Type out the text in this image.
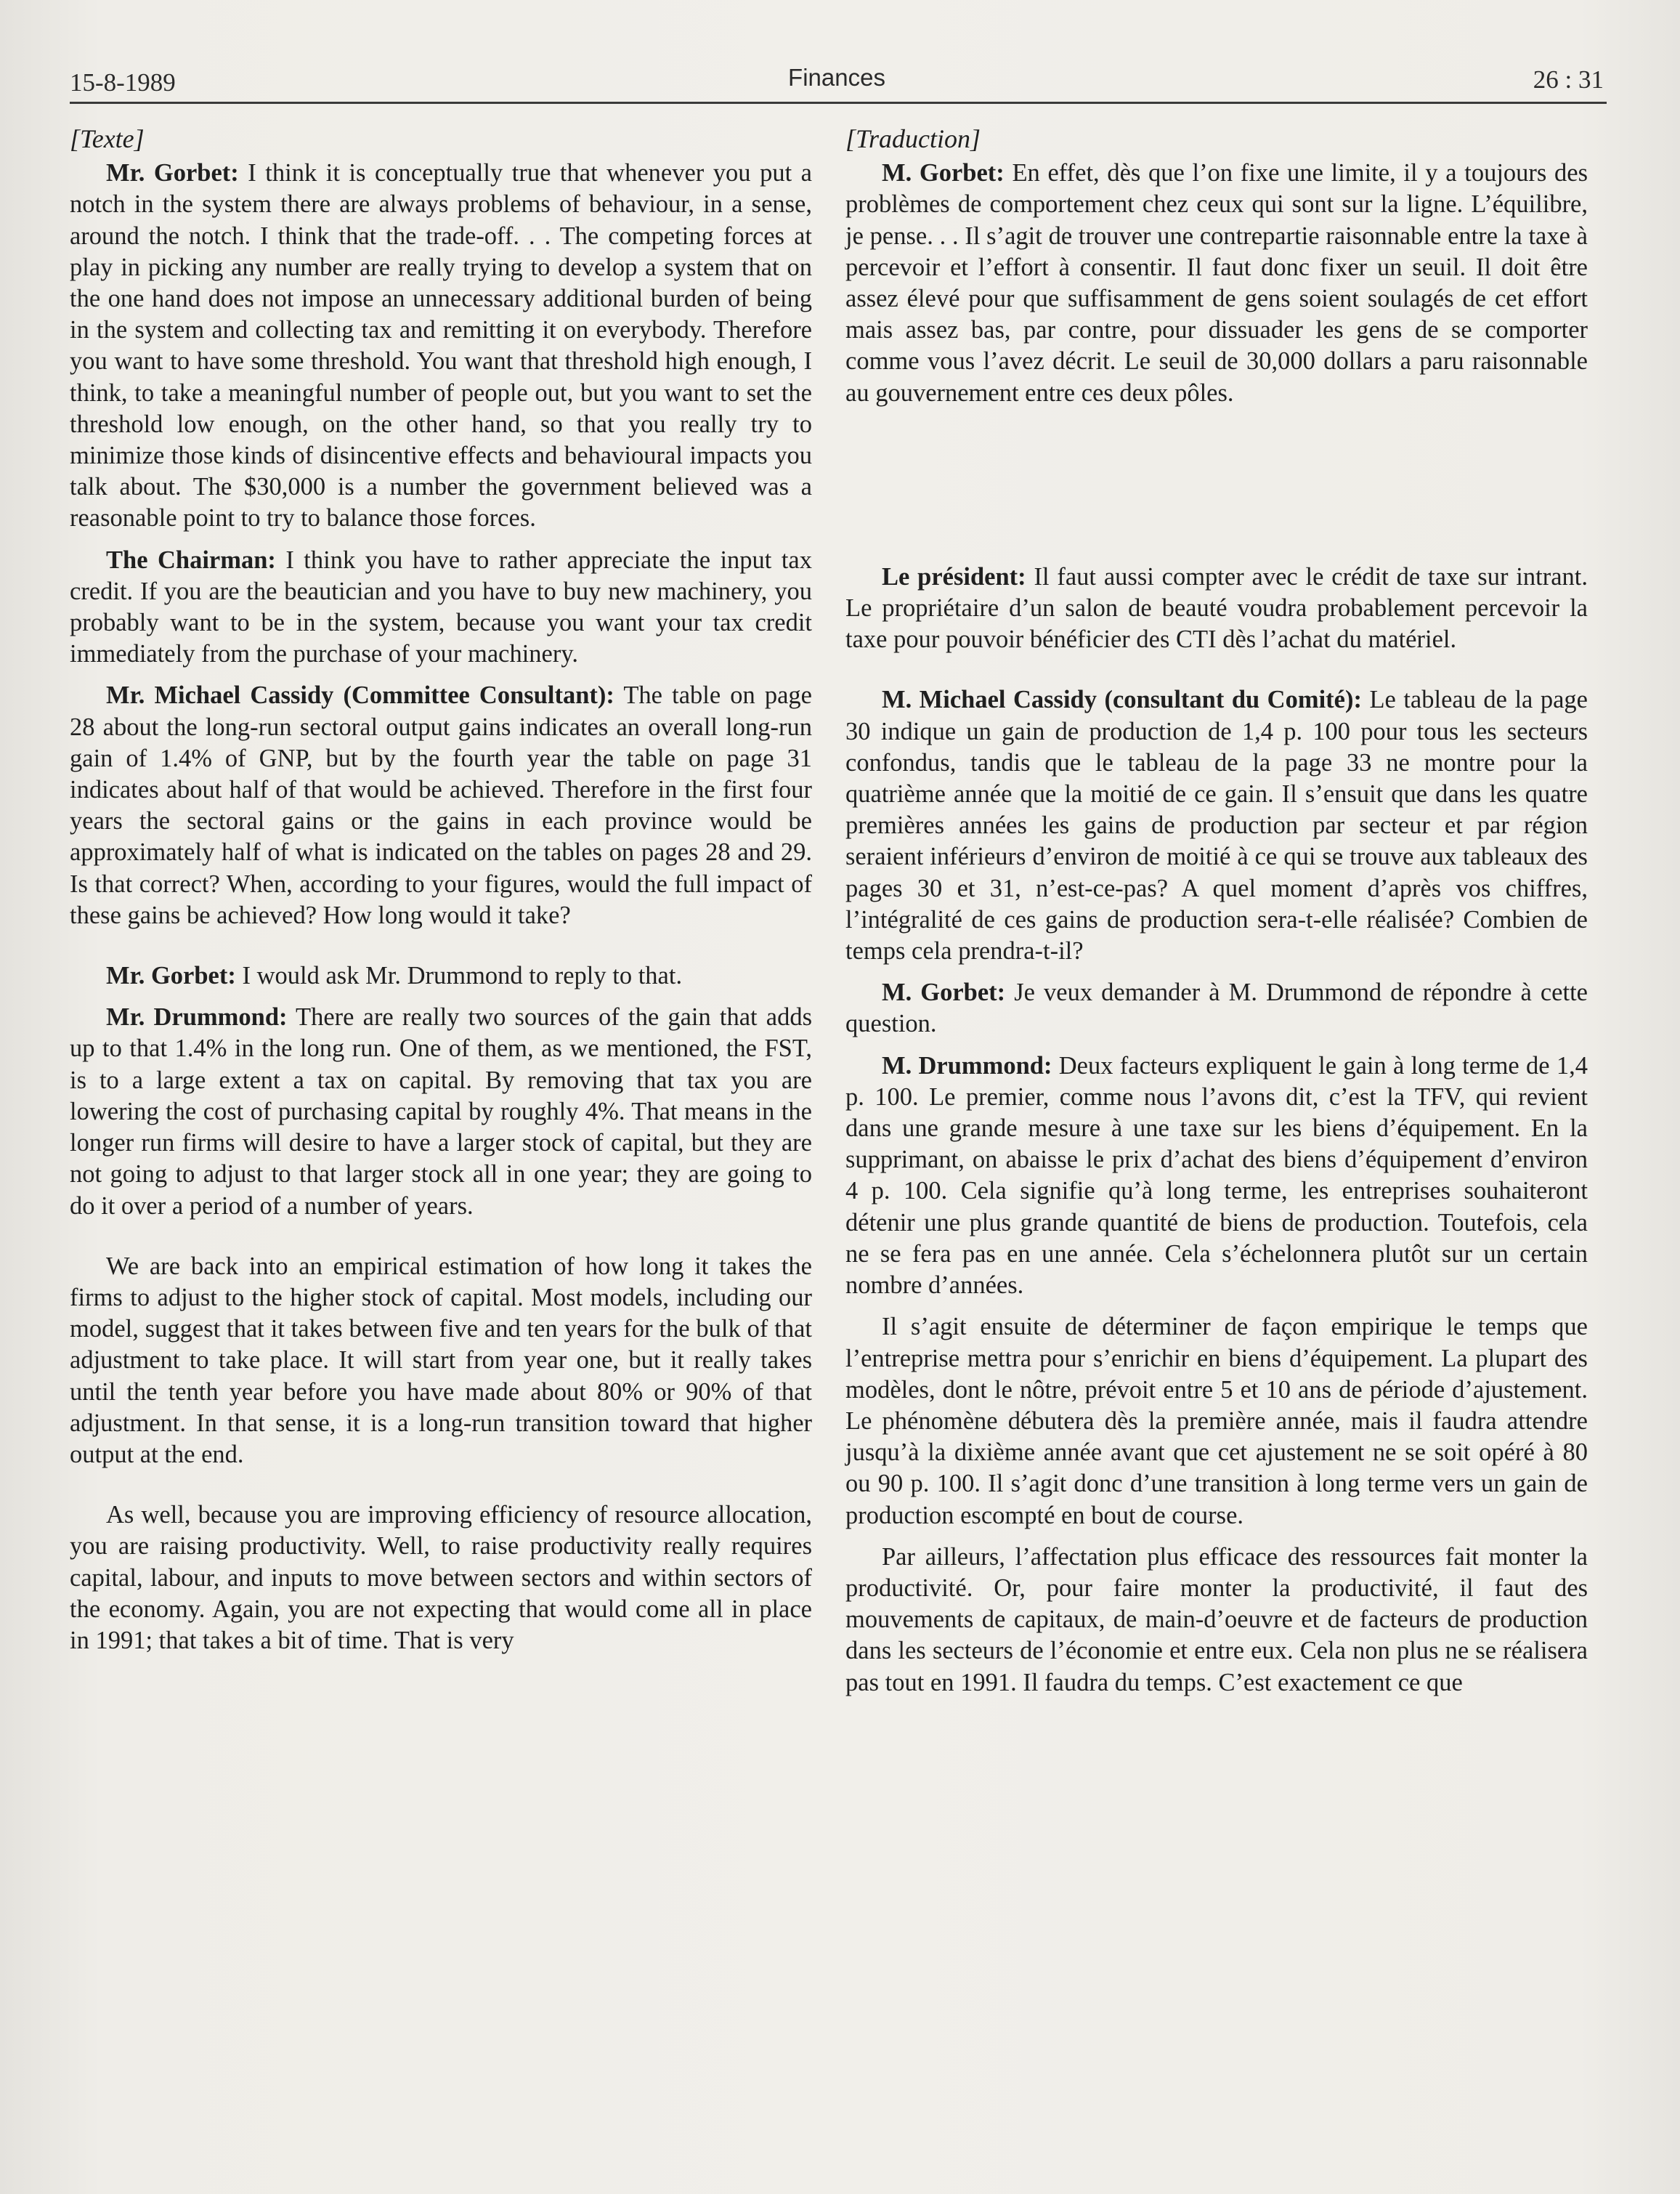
15-8-1989	Finances	26 : 31
[Texte]

Mr. Gorbet: I think it is conceptually true that whenever you put a notch in the system there are always problems of behaviour, in a sense, around the notch. I think that the trade-off. . . The competing forces at play in picking any number are really trying to develop a system that on the one hand does not impose an unnecessary additional burden of being in the system and collecting tax and remitting it on everybody. Therefore you want to have some threshold. You want that threshold high enough, I think, to take a meaningful number of people out, but you want to set the threshold low enough, on the other hand, so that you really try to minimize those kinds of disincentive effects and behavioural impacts you talk about. The $30,000 is a number the government believed was a reasonable point to try to balance those forces.

The Chairman: I think you have to rather appreciate the input tax credit. If you are the beautician and you have to buy new machinery, you probably want to be in the system, because you want your tax credit immediately from the purchase of your machinery.

Mr. Michael Cassidy (Committee Consultant): The table on page 28 about the long-run sectoral output gains indicates an overall long-run gain of 1.4% of GNP, but by the fourth year the table on page 31 indicates about half of that would be achieved. Therefore in the first four years the sectoral gains or the gains in each province would be approximately half of what is indicated on the tables on pages 28 and 29. Is that correct? When, according to your figures, would the full impact of these gains be achieved? How long would it take?

Mr. Gorbet: I would ask Mr. Drummond to reply to that.

Mr. Drummond: There are really two sources of the gain that adds up to that 1.4% in the long run. One of them, as we mentioned, the FST, is to a large extent a tax on capital. By removing that tax you are lowering the cost of purchasing capital by roughly 4%. That means in the longer run firms will desire to have a larger stock of capital, but they are not going to adjust to that larger stock all in one year; they are going to do it over a period of a number of years.

We are back into an empirical estimation of how long it takes the firms to adjust to the higher stock of capital. Most models, including our model, suggest that it takes between five and ten years for the bulk of that adjustment to take place. It will start from year one, but it really takes until the tenth year before you have made about 80% or 90% of that adjustment. In that sense, it is a long-run transition toward that higher output at the end.

As well, because you are improving efficiency of resource allocation, you are raising productivity. Well, to raise productivity really requires capital, labour, and inputs to move between sectors and within sectors of the economy. Again, you are not expecting that would come all in place in 1991; that takes a bit of time. That is very

[Traduction]

M. Gorbet: En effet, dès que l’on fixe une limite, il y a toujours des problèmes de comportement chez ceux qui sont sur la ligne. L’équilibre, je pense. . . Il s’agit de trouver une contrepartie raisonnable entre la taxe à percevoir et l’effort à consentir. Il faut donc fixer un seuil. Il doit être assez élevé pour que suffisamment de gens soient soulagés de cet effort mais assez bas, par contre, pour dissuader les gens de se comporter comme vous l’avez décrit. Le seuil de 30,000 dollars a paru raisonnable au gouvernement entre ces deux pôles.

Le président: Il faut aussi compter avec le crédit de taxe sur intrant. Le propriétaire d’un salon de beauté voudra probablement percevoir la taxe pour pouvoir bénéficier des CTI dès l’achat du matériel.

M. Michael Cassidy (consultant du Comité): Le tableau de la page 30 indique un gain de production de 1,4 p. 100 pour tous les secteurs confondus, tandis que le tableau de la page 33 ne montre pour la quatrième année que la moitié de ce gain. Il s’ensuit que dans les quatre premières années les gains de production par secteur et par région seraient inférieurs d’environ de moitié à ce qui se trouve aux tableaux des pages 30 et 31, n’est-ce-pas? A quel moment d’après vos chiffres, l’intégralité de ces gains de production sera-t-elle réalisée? Combien de temps cela prendra-t-il?

M. Gorbet: Je veux demander à M. Drummond de répondre à cette question.

M. Drummond: Deux facteurs expliquent le gain à long terme de 1,4 p. 100. Le premier, comme nous l’avons dit, c’est la TFV, qui revient dans une grande mesure à une taxe sur les biens d’équipement. En la supprimant, on abaisse le prix d’achat des biens d’équipement d’environ 4 p. 100. Cela signifie qu’à long terme, les entreprises souhaiteront détenir une plus grande quantité de biens de production. Toutefois, cela ne se fera pas en une année. Cela s’échelonnera plutôt sur un certain nombre d’années.

Il s’agit ensuite de déterminer de façon empirique le temps que l’entreprise mettra pour s’enrichir en biens d’équipement. La plupart des modèles, dont le nôtre, prévoit entre 5 et 10 ans de période d’ajustement. Le phénomène débutera dès la première année, mais il faudra attendre jusqu’à la dixième année avant que cet ajustement ne se soit opéré à 80 ou 90 p. 100. Il s’agit donc d’une transition à long terme vers un gain de production escompté en bout de course.

Par ailleurs, l’affectation plus efficace des ressources fait monter la productivité. Or, pour faire monter la productivité, il faut des mouvements de capitaux, de main-d’oeuvre et de facteurs de production dans les secteurs de l’économie et entre eux. Cela non plus ne se réalisera pas tout en 1991. Il faudra du temps. C’est exactement ce que
